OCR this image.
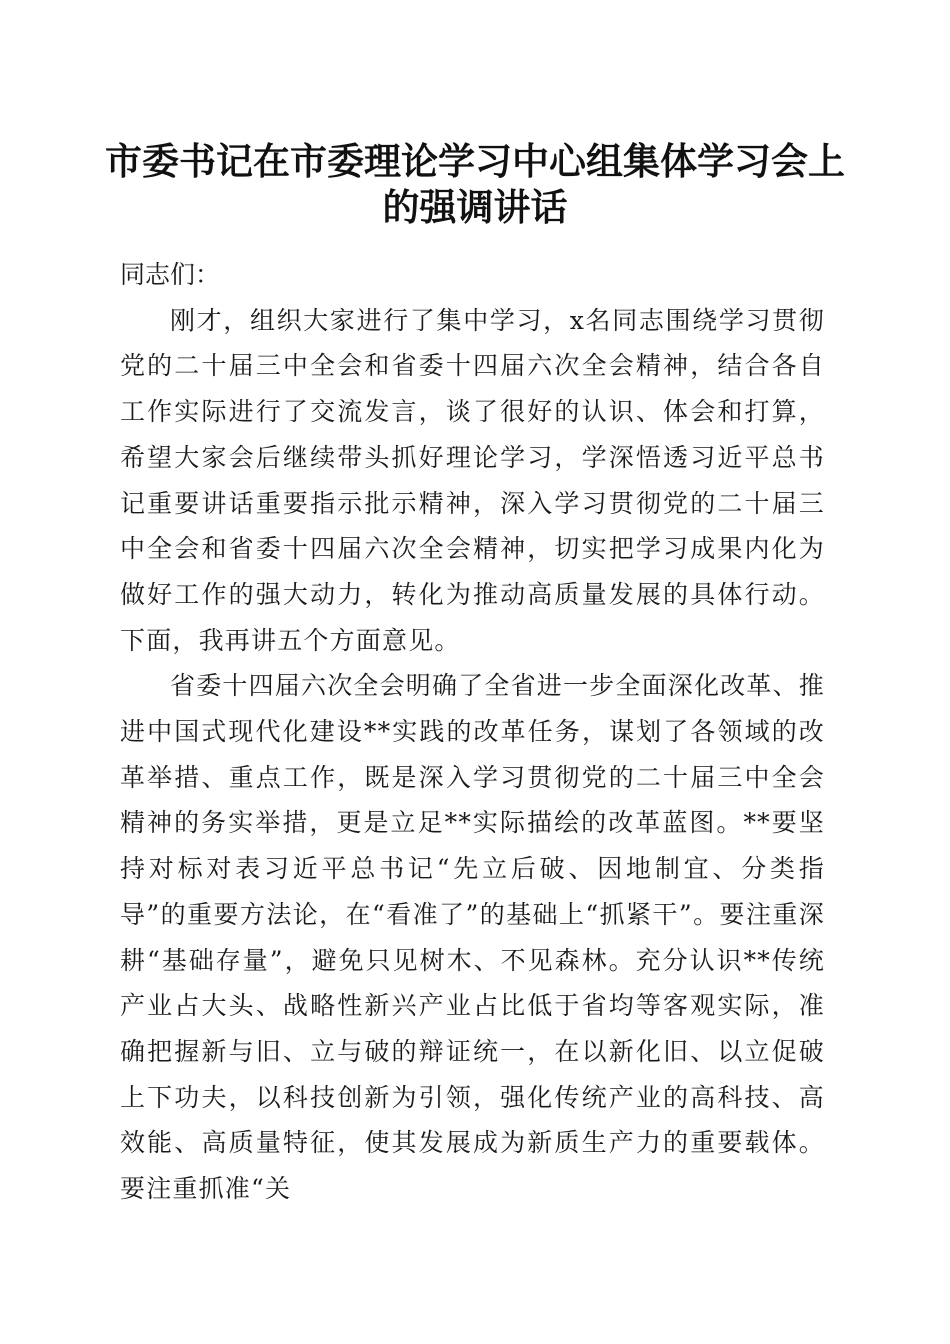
市委书记在市委理论学习中心组集体学习会上的强调讲话

同志们：

刚才，组织大家进行了集中学习，x名同志围绕学习贯彻党的二十届三中全会和省委十四届六次全会精神，结合各自工作实际进行了交流发言，谈了很好的认识、体会和打算，希望大家会后继续带头抓好理论学习，学深悟透习近平总书记重要讲话重要指示批示精神，深入学习贯彻党的二十届三中全会和省委十四届六次全会精神，切实把学习成果内化为做好工作的强大动力，转化为推动高质量发展的具体行动。下面，我再讲五个方面意见。

省委十四届六次全会明确了全省进一步全面深化改革、推进中国式现代化建设**实践的改革任务，谋划了各领域的改革举措、重点工作，既是深入学习贯彻党的二十届三中全会精神的务实举措，更是立足**实际描绘的改革蓝图。**要坚持对标对表习近平总书记“先立后破、因地制宜、分类指导”的重要方法论，在“看准了”的基础上“抓紧干”。要注重深耕“基础存量”，避免只见树木、不见森林。充分认识**传统产业占大头、战略性新兴产业占比低于省均等客观实际，准确把握新与旧、立与破的辩证统一，在以新化旧、以立促破上下功夫，以科技创新为引领，强化传统产业的高科技、高效能、高质量特征，使其发展成为新质生产力的重要载体。要注重抓准“关
